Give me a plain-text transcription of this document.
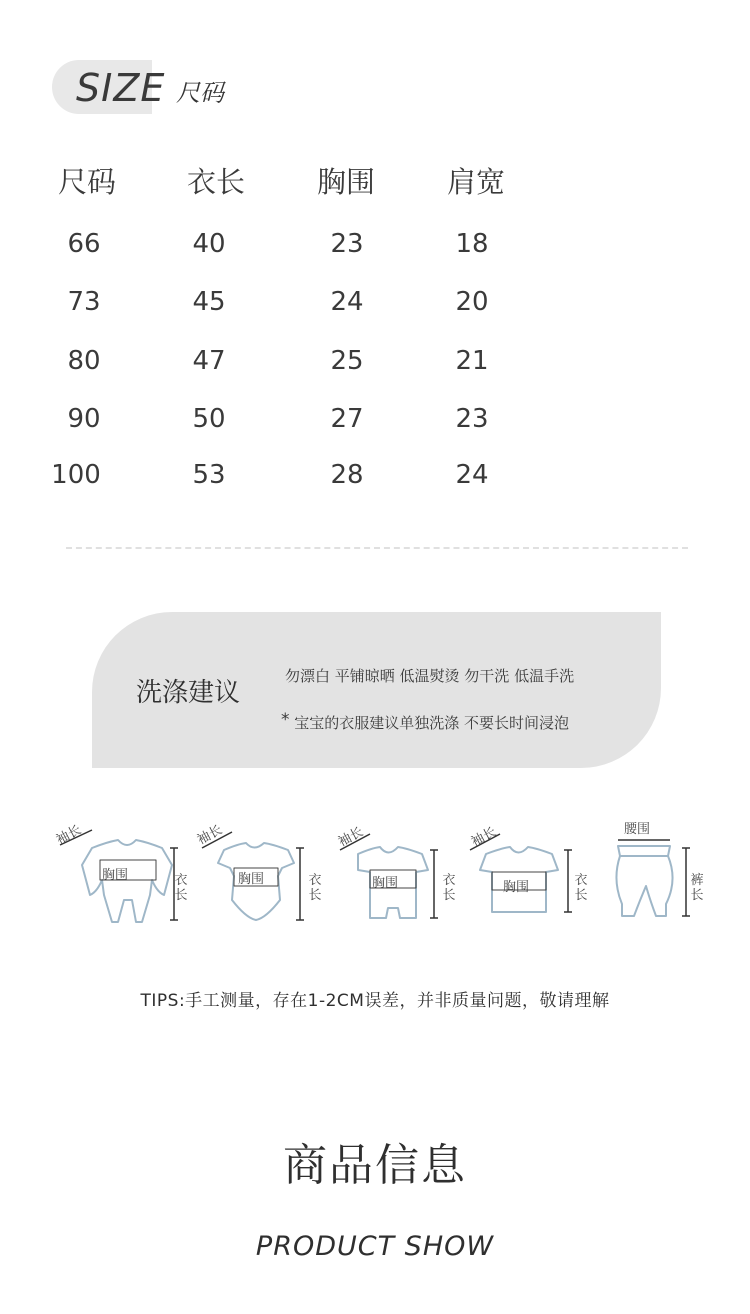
SIZE 尺码
尺码	衣长	胸围	肩宽
66	40	23	18
73	45	24	20
80	47	25	21
90	50	27	23
100	53	28	24
洗涤建议
勿漂白 平铺晾晒 低温熨烫 勿干洗 低温手洗
* 宝宝的衣服建议单独洗涤 不要长时间浸泡
袖长
胸围	衣长
袖长
胸围	衣长
袖长
胸围	衣长
袖长
胸围	衣长
腰围
裤长
TIPS:手工测量，存在1-2CM误差，并非质量问题，敬请理解
商品信息
PRODUCT SHOW
